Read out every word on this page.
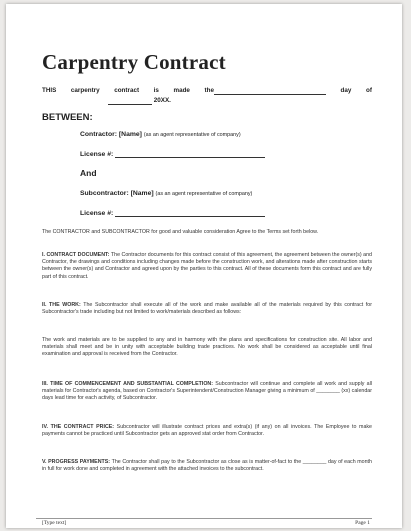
Carpentry Contract
THIS carpentry contract is made the	day of
20XX.
BETWEEN:
Contractor: [Name] (as an agent representative of company)
License #:
And
Subcontractor: [Name] (as an agent representative of company)
License #:
The CONTRACTOR and SUBCONTRACTOR for good and valuable consideration Agree to the Terms set forth below.
I. CONTRACT DOCUMENT: The Contractor documents for this contract consist of this agreement, the agreement between the owner(s) and Contractor, the drawings and conditions including changes made before the construction work, and alterations made after construction starts between the owner(s) and Contractor and agreed upon by the parties to this contract. All of these documents form this contract and are fully part of this contract.
II. THE WORK: The Subcontractor shall execute all of the work and make available all of the materials required by this contract for Subcontractor's trade including but not limited to work/materials described as follows:
The work and materials are to be supplied to any and in harmony with the plans and specifications for construction site. All labor and materials shall meet and be in unity with acceptable building trade practices. No work shall be considered as acceptable until final examination and approval is received from the Contractor.
III. TIME OF COMMENCEMENT AND SUBSTANTIAL COMPLETION: Subcontractor will continue and complete all work and supply all materials for Contractor's agenda, based on Contractor's Superintendent/Construction Manager giving a minimum of ________ (xx) calendar days lead time for each activity, of Subcontractor.
IV. THE CONTRACT PRICE: Subcontractor will illustrate contract prices and extra(s) (if any) on all invoices. The Employee to make payments cannot be practiced until Subcontractor gets an approved stat order from Contractor.
V. PROGRESS PAYMENTS: The Contractor shall pay to the Subcontractor as close as is matter-of-fact to the ________ day of each month in full for work done and completed in agreement with the attached invoices to the subcontract.
[Type text]	Page 1
